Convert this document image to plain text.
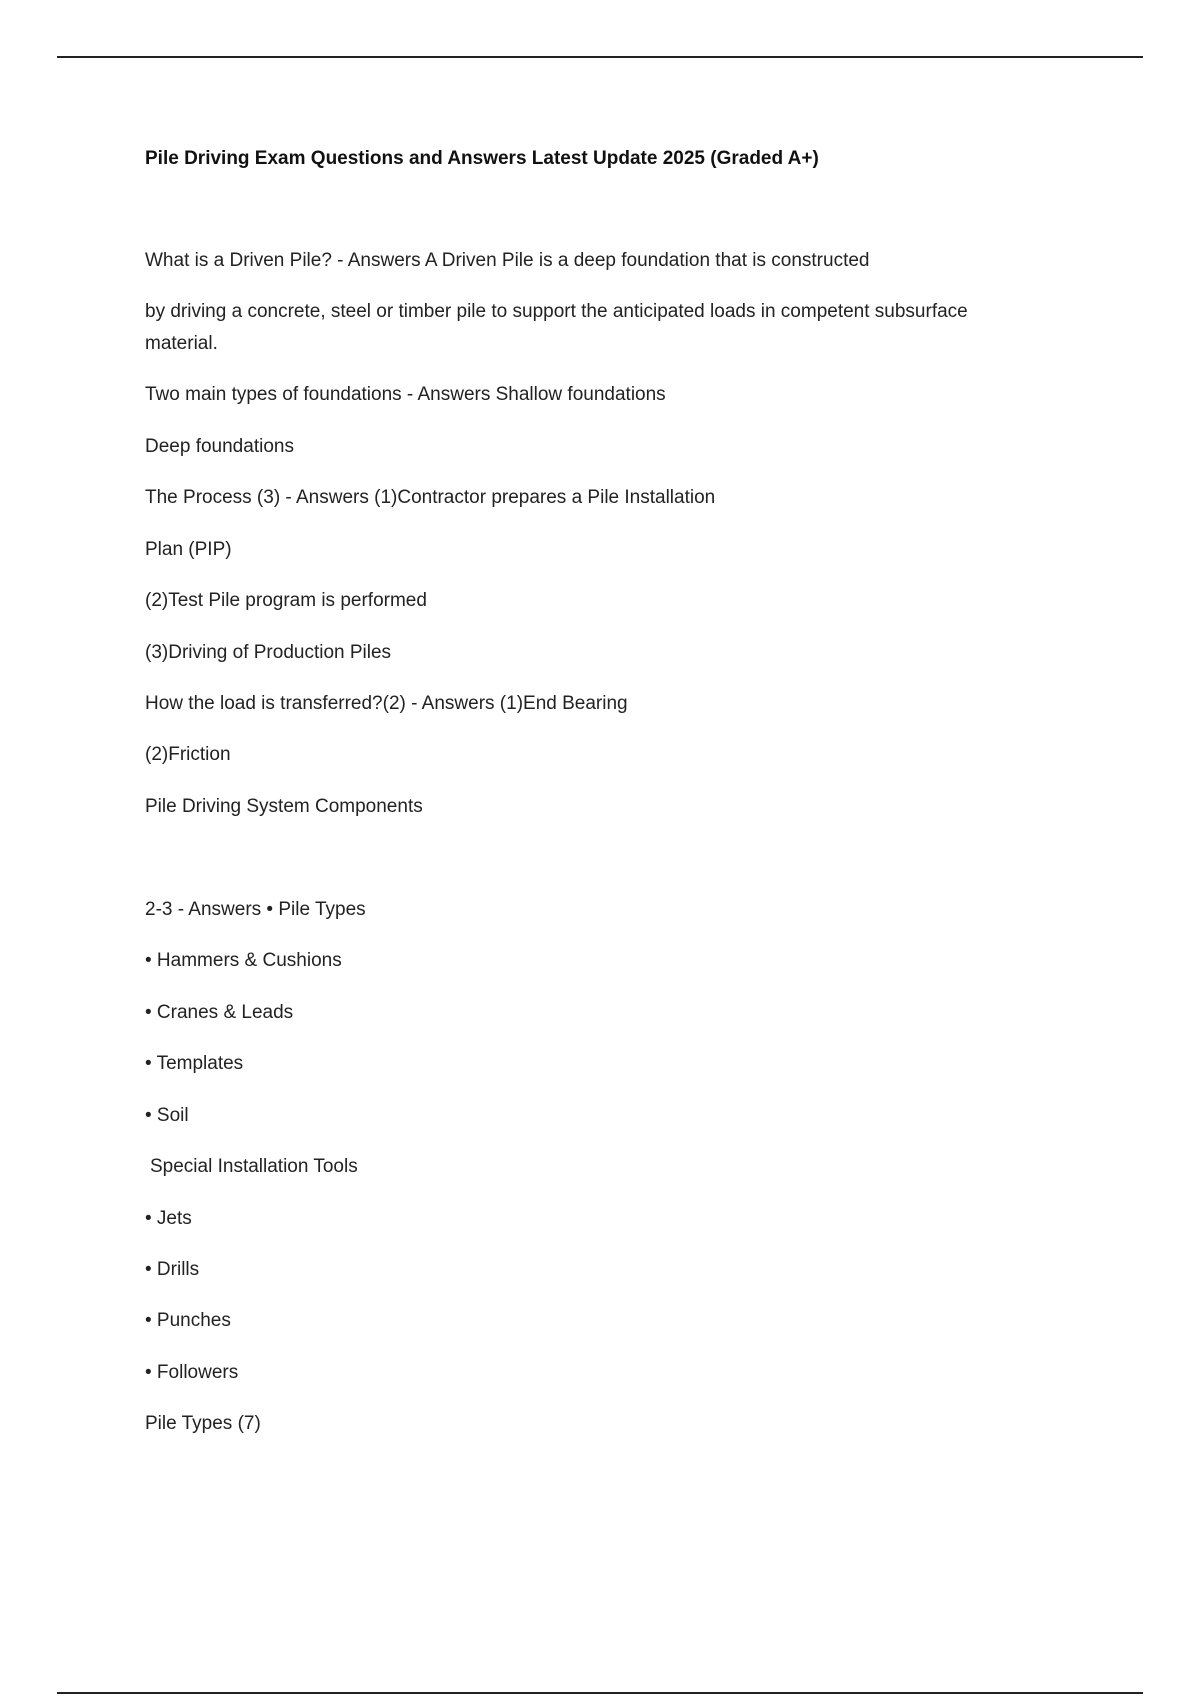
Pile Driving Exam Questions and Answers Latest Update 2025 (Graded A+)
What is a Driven Pile? - Answers A Driven Pile is a deep foundation that is constructed
by driving a concrete, steel or timber pile to support the anticipated loads in competent subsurface material.
Two main types of foundations - Answers Shallow foundations
Deep foundations
The Process (3) - Answers (1)Contractor prepares a Pile Installation
Plan (PIP)
(2)Test Pile program is performed
(3)Driving of Production Piles
How the load is transferred?(2) - Answers (1)End Bearing
(2)Friction
Pile Driving System Components
2-3 - Answers • Pile Types
• Hammers & Cushions
• Cranes & Leads
• Templates
• Soil
Special Installation Tools
• Jets
• Drills
• Punches
• Followers
Pile Types (7)
